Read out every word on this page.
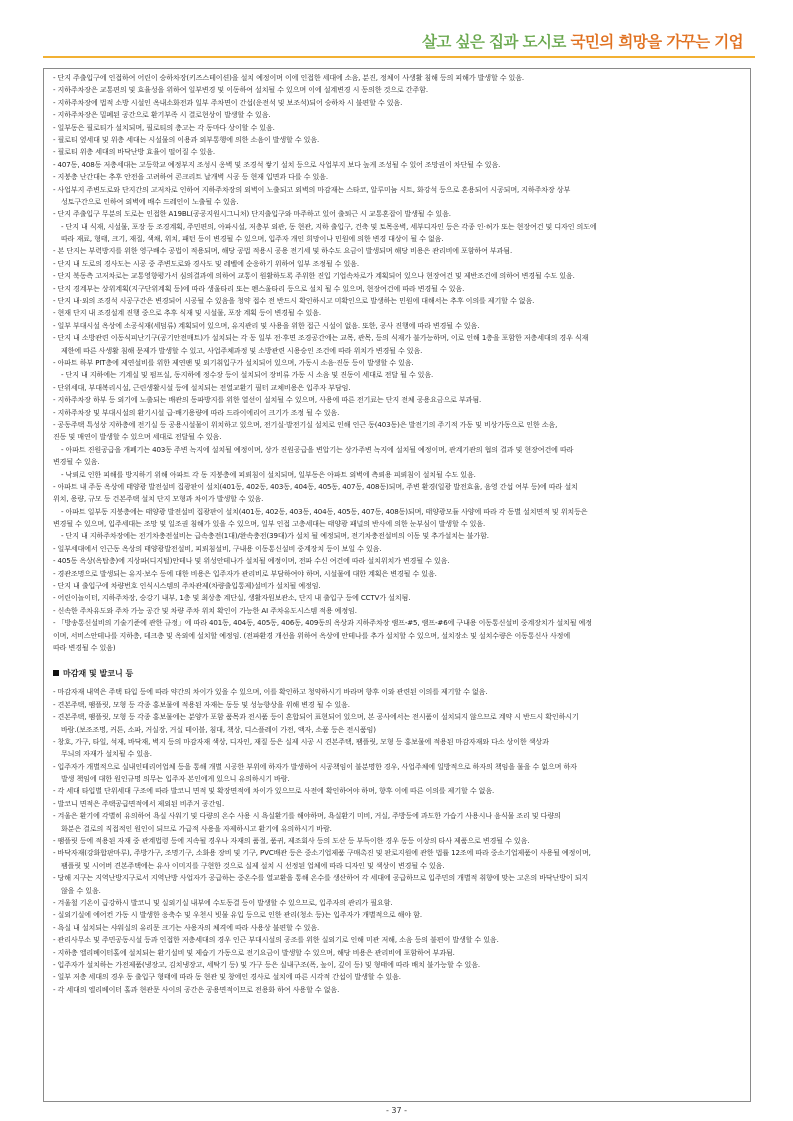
살고 싶은 집과 도시로 국민의 희망을 가꾸는 기업

- 단지 주출입구에 인접하여 어린이 승하차장(키즈스테이션)을 설치 예정이며 이에 인접한 세대에 소음, 분진, 정체이 사생활 침해 등의 피해가 발생할 수 있음.

- 지하주차장은 교통편의 및 효율성을 위하여 일부변경 및 이동하여 설치될 수 있으며 이에 설계변경 시 동의한 것으로 간주함.

- 지하주차장에 법적 소방 시설인 옥내소화전과 일부 주차면이 간섭(운전석 및 보조석)되어 승하차 시 불편할 수 있음.

- 지하주차장은 밀폐된 공간으로 환기부족 시 결로현상이 발생할 수 있음.

- 일부동은 필로티가 설치되며, 필로티의 층고는 각 동마다 상이할 수 있음.

- 필로티 옆세대 및 위층 세대는 시설물의 이용과 외부통행에 의한 소음이 발생할 수 있음.

- 필로티 위층 세대의 바닥난방 효율이 떨어질 수 있음.

- 407동, 408동 저층세대는 고등학교 예정부지 조성시 옹벽 및 조경석 쌓기 설치 등으로 사업부지 보다 높게 조성될 수 있어 조망권이 차단될 수 있음.

- 지붕층 난간대는 추후 안전을 고려하여 콘크리트 날개벽 시공 등 현재 입면과 다를 수 있음.

- 사업부지 주변도로와 단지간의 고저차로 인하여 지하주차장의 외벽이 노출되고 외벽의 마감재는 스타코, 알루미늄 시트, 화강석 등으로 혼용되어 시공되며, 지하주차장 상부

성토구간으로 인하여 외벽에 배수 드레인이 노출될 수 있음.

- 단지 주출입구 무분의 도로는 인접한 A19BL(공공지원시그니처) 단지출입구와 마주하고 있어 출퇴근 시 교통혼잡이 발생될 수 있음.

- 단지 내 식재, 시설물, 포장 등 조경계획, 주민편의, 아파시설, 저층부 외관, 동 현관, 지하 출입구, 건축 및 토목옹벽, 세부디자인 등은 각종 인·허가 또는 현장여건 및 디자인 의도에

따라 재료, 형태, 크기, 재질, 색채, 위치, 패턴 등이 변경될 수 있으며, 입주자 개인 희망이나 민원에 의한 변경 대상이 될 수 없음.

- 본 단지는 부력방지를 위한 영구배수 공법이 적용되며, 해당 공법 적용시 공용 전기세 및 하수도 요금이 발생되며 해당 비용은 관리비에 포함하여 부과됨.

- 단지 내 도로의 경사도는 시공 중 주변도로와 경사도 및 레벨에 순응하기 위하여 일부 조정될 수 있음.

- 단지 북동측 고저차로는 교통영향평가서 심의결과에 의하여 교통이 원활하도록 주위한 진입 기업속차로가 계획되어 있으나 현장여건 및 제반조건에 의하여 변경될 수도 있음.

- 단지 경계부는 상위계획(지구단위계획 등)에 따라 생울타리 또는 펜스울타리 등으로 설치 될 수 있으며, 현장여건에 따라 변경될 수 있음.

- 단지 내·외의 조경석 시공구간은 변경되어 시공될 수 있음을 청약 접수 전 반드시 확인하시고 미확인으로 발생하는 민원에 대해서는 추후 이의를 제기할 수 없음.

- 현재 단지 내 조경설계 진행 중으로 추후 식재 및 시설물, 포장 계획 등이 변경될 수 있음.

- 일부 부대시설 옥상에 소공식재(세덤류) 계획되어 있으며, 유지관리 및 사용을 위한 접근 시설이 없음. 또한, 공사 진행에 따라 변경될 수 있음.

- 단지 내 소방관련 이동식피난기구(공기안전매트)가 설치되는 각 동 일부 전·후면 조경공간에는 교목, 관목, 등의 식재가 불가능하며, 이로 인해 1층을 포함한 저층세대의 경우 식재

제한에 따른 사생활 침해 문제가 발생할 수 있고, 사업주체과정 및 소방관련 시용승인 조건에 따라 위치가 변경될 수 있음.

- 아파트 하부 PIT층에 제연설비를 위한 제연팬 및 외기취입구가 설치되어 있으며, 가동시 소음·진동 등이 발생할 수 있음.

- 단지 내 지하에는 기계실 및 펌프실, 동지하에 정수장 등이 설치되어 장비류 가동 시 소음 및 진동이 세대로 전달 될 수 있음.

- 단위세대, 부대복리시설, 근린생활시설 등에 설치되는 전열교환기 필터 교체비용은 입주자 부담임.

- 지하주차장 하부 등 외기에 노출되는 배관의 동파방지를 위한 열선이 설치될 수 있으며, 사용에 따른 전기료는 단지 전체 공용요금으로 부과됨.

- 지하주차장 및 부대시설의 환기시설 급·배기용량에 따라 드라이에리어 크기가 조정 될 수 있음.

- 공동주택 특성상 지하층에 전기실 등 공용시설물이 위치하고 있으며, 전기실·발전기실 설치로 인해 인근 동(403동)은 발전기의 주기적 가동 및 비상가동으로 인한 소음,

진동 및 매연이 발생할 수 있으며 세대로 전달될 수 있음.

- 아파트 진원공급을 개폐기는 403동 주변 녹지에 설치될 예정이며, 상가 진원공급을 변압기는 상가주변 녹지에 설치될 예정이며, 관계기관의 협의 결과 및 현장여건에 따라

변경될 수 있음.

- 낙뢰로 인한 피해를 방지하기 위해 아파트 각 동 지붕층에 피뢰침이 설치되며, 일부동은 아파트 외벽에 측뢰용 피뢰침이 설치될 수도 있음.

- 아파트 내 주동 옥상에 태양광 발전설비 집광판이 설치(401동, 402동, 403동, 404동, 405동, 407동, 408동)되며, 주변 환경(일광 발전효율, 음영 간섭 여부 등)에 따라 설치

위치, 용량, 규모 등 건본주택 설치 단지 모형과 차이가 발생할 수 있음.

- 아파트 일부동 지붕층에는 태양광 발전설비 집광판이 설치(401동, 402동, 403동, 404동, 405동, 407동, 408동)되며, 태양광모듈 사양에 따라 각 동별 설치면적 및 위치등은

변경될 수 있으며, 입주세대는 조망 및 일조권 침해가 있을 수 있으며, 일부 인접 고층세대는 태양광 패널의 반사에 의한 눈부심이 발생할 수 있음.

- 단지 내 지하주차장에는 전기차충전설비는 급속충전(1대)/완속충전(39대)가 설치 될 예정되며, 전기차충전설비의 이동 및 추가설치는 불가함.

- 일부세대에서 인근동 옥상의 태양광발전설비, 피뢰침설비, 구내용 이동통신설비 중계장치 등이 보일 수 있음.

- 405동 옥상(옥탑층)에 지상파(디지털)안테나 및 위성안테나가 설치될 예정이며, 전파 수신 여건에 따라 설치위치가 변경될 수 있음.

- 경관조명으로 발생되는 유지·보수 등에 대한 비용은 입주자가 관리비로 부담하여야 하며, 시설물에 대한 계획은 변경될 수 있음.

- 단지 내 출입구에 차량번호 인식시스템의 주차관제(차량출입통제)설비가 설치될 예정임.

- 어린이놀이터, 지하주차장, 승강기 내부, 1층 및 최상층 계단실, 생활자원보관소, 단지 내 출입구 등에 CCTV가 설치됨.

- 신속한 주차유도와 주차 가능 공간 및 차량 주차 위치 확인이 가능한 AI 주차유도시스템 적용 예정임.

- 「방송통신설비의 기술기준에 관한 규정」에 따라 401동, 404동, 405동, 406동, 409동의 옥상과 지하주차장 램프-#5, 램프-#6에 구내용 이동통신설비 중계장치가 설치될 예정

이며, 서비스안테나를 지하층, 데크층 및 옥외에 설치할 예정임. (전파환경 개선을 위하여 옥상에 안테나를 추가 설치할 수 있으며, 설치장소 및 설치수량은 이동통신사 사정에

따라 변경될 수 있음)

마감재 및 발코니 등

- 마감자재 내역은 주택 타입 등에 따라 약간의 차이가 있을 수 있으며, 이를 확인하고 청약하시기 바라며 향후 이와 관련된 이의를 제기할 수 없음.

- 견본주택, 팸플릿, 모형 등 각종 홍보물에 적용된 자재는 동등 및 성능향상을 위해 변경 될 수 있음.

- 견본주택, 팸플릿, 모형 등 각종 홍보물에는 분양가 포함 품목과 전시품 등이 혼합되어 표현되어 있으며, 본 공사에서는 전시품이 설치되지 않으므로 계약 시 반드시 확인하시기

바람.(보조조명, 커튼, 소파, 거실장, 거실 테이블, 침대, 책상, 디스플레이 가전, 액자, 소품 등은 전시품임)

- 창호, 가구, 타일, 석재, 바닥재, 벽지 등의 마감자재 색상, 디자인, 재질 등은 실제 시공 시 견본주택, 팸플릿, 모형 등 홍보물에 적용된 마감자재와 다소 상이한 색상과

무늬의 자재가 설치될 수 있음.

- 입주자가 개별적으로 실내인테리어업체 등을 통해 개별 시공한 부위에 하자가 발생하여 시공책임이 불분명한 경우, 사업주체에 일방적으로 하자의 책임을 물을 수 없으며 하자

발생 책임에 대한 원인규명 의무는 입주자 본인에게 있으니 유의하시기 바람.

- 각 세대 타입별 단위세대 구조에 따라 발코니 면적 및 확장면적에 차이가 있으므로 사전에 확인하여야 하며, 향후 이에 따른 이의를 제기할 수 없음.

- 발코니 면적은 주택공급면적에서 제외된 비주거 공간임.

- 겨울은 환기에 각별히 유의하여 욕실 사워기 및 다량의 온수 사용 시 욕실환기를 해야하며, 욕실환기 미비, 거실, 주방등에 과도한 가습기 사용시나 음식물 조리 및 다량의

화분은 결로의 직접적인 원인이 되므로 가급적 사용을 자제하시고 환기에 유의하시기 바람.

- 팸플릿 등에 적용된 자재 중 관계법령 등에 지속될 경우나 자재의 품절, 품귀, 제조회사 등의 도산 등 부득이한 경우 동등 이상의 타사 제품으로 변경될 수 있음.

- 바닥자재(강화합판마루), 주방가구, 조명기구, 소화용 장비 및 기구, PVC배관 등은 중소기업제품 구매촉진 및 판로지원에 관한 법률 12조에 따라 중소기업제품이 사용될 예정이며,

팸플릿 및 시어버 견본주택에는 유사 이미지를 구현한 것으로 실제 설치 시 선정된 업체에 따라 디자인 및 색상이 변경될 수 있음.

- 당해 지구는 지역난방지구로서 지역난방 사업자가 공급하는 중온수를 열교환을 통해 온수를 생산하여 각 세대에 공급하므로 입주민의 개별적 취향에 맞는 고온의 바닥난방이 되지

않을 수 있음.

- 겨울철 기온이 급강하시 발코니 및 실외기실 내부에 수도동결 등이 발생할 수 있으므로, 입주자의 관리가 필요함.

- 실외기실에 에어컨 가동 시 발생한 응축수 및 우천시 빗물 유입 등으로 인한 관리(청소 등)는 입주자가 개별적으로 해야 함.

- 욕실 내 설치되는 샤워실의 유리문 크기는 사용자의 체격에 따라 사용상 불편할 수 있음.

- 관리사무소 및 주민공동시설 등과 인접한 저층세대의 경우 인근 부대시설의 공조를 위한 실외기로 인해 미관 저해, 소음 등의 불편이 발생할 수 있음.

- 지하층 엘리베이터홀에 설치되는 환기설비 및 제습기 가동으로 전기요금이 발생할 수 있으며, 해당 비용은 관리비에 포함하여 부과됨.

- 입주자가 설치하는 가전제품(냉장고, 김치냉장고, 세탁기 등) 및 가구 등은 실내구조(폭, 높이, 깊이 등) 및 형태에 따라 배치 불가능할 수 있음.

- 일부 저층 세대의 경우 동 출입구 형태에 따라 동 현관 및 창에인 경사로 설치에 따른 시각적 간섭이 발생할 수 있음.

- 각 세대의 엘리베이터 홀과 현관문 사이의 공간은 공용면적이므로 전용화 하여 사용할 수 없음.

- 37 -
